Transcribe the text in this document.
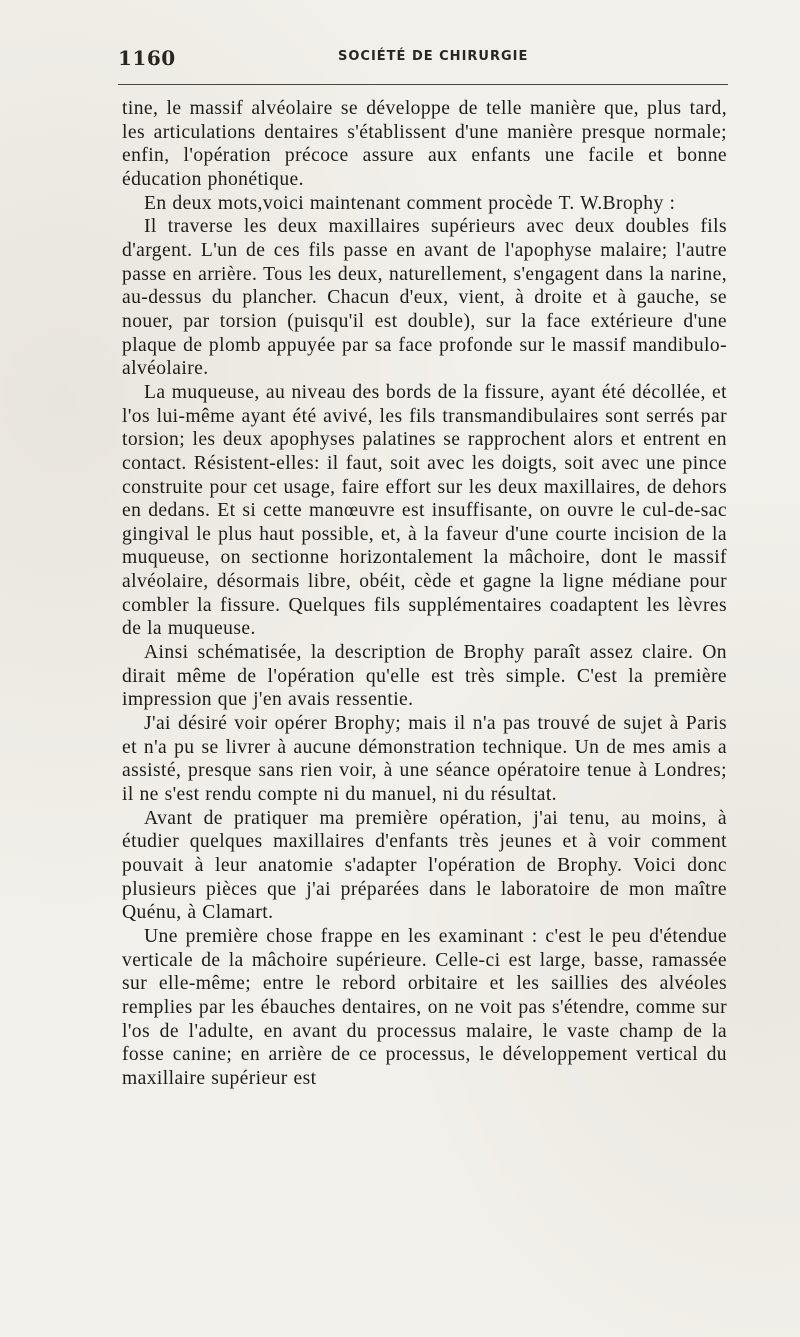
1160	SOCIÉTÉ DE CHIRURGIE

tine, le massif alvéolaire se développe de telle manière que, plus tard, les articulations dentaires s'établissent d'une manière presque normale; enfin, l'opération précoce assure aux enfants une facile et bonne éducation phonétique.

En deux mots,voici maintenant comment procède T. W.Brophy :

Il traverse les deux maxillaires supérieurs avec deux doubles fils d'argent. L'un de ces fils passe en avant de l'apophyse malaire; l'autre passe en arrière. Tous les deux, naturellement, s'engagent dans la narine, au-dessus du plancher. Chacun d'eux, vient, à droite et à gauche, se nouer, par torsion (puisqu'il est double), sur la face extérieure d'une plaque de plomb appuyée par sa face profonde sur le massif mandibulo-alvéolaire.

La muqueuse, au niveau des bords de la fissure, ayant été décollée, et l'os lui-même ayant été avivé, les fils transmandibulaires sont serrés par torsion; les deux apophyses palatines se rapprochent alors et entrent en contact. Résistent-elles: il faut, soit avec les doigts, soit avec une pince construite pour cet usage, faire effort sur les deux maxillaires, de dehors en dedans. Et si cette manœuvre est insuffisante, on ouvre le cul-de-sac gingival le plus haut possible, et, à la faveur d'une courte incision de la muqueuse, on sectionne horizontalement la mâchoire, dont le massif alvéolaire, désormais libre, obéit, cède et gagne la ligne médiane pour combler la fissure. Quelques fils supplémentaires coadaptent les lèvres de la muqueuse.

Ainsi schématisée, la description de Brophy paraît assez claire. On dirait même de l'opération qu'elle est très simple. C'est la première impression que j'en avais ressentie.

J'ai désiré voir opérer Brophy; mais il n'a pas trouvé de sujet à Paris et n'a pu se livrer à aucune démonstration technique. Un de mes amis a assisté, presque sans rien voir, à une séance opératoire tenue à Londres; il ne s'est rendu compte ni du manuel, ni du résultat.

Avant de pratiquer ma première opération, j'ai tenu, au moins, à étudier quelques maxillaires d'enfants très jeunes et à voir comment pouvait à leur anatomie s'adapter l'opération de Brophy. Voici donc plusieurs pièces que j'ai préparées dans le laboratoire de mon maître Quénu, à Clamart.

Une première chose frappe en les examinant : c'est le peu d'étendue verticale de la mâchoire supérieure. Celle-ci est large, basse, ramassée sur elle-même; entre le rebord orbitaire et les saillies des alvéoles remplies par les ébauches dentaires, on ne voit pas s'étendre, comme sur l'os de l'adulte, en avant du processus malaire, le vaste champ de la fosse canine; en arrière de ce processus, le développement vertical du maxillaire supérieur est
